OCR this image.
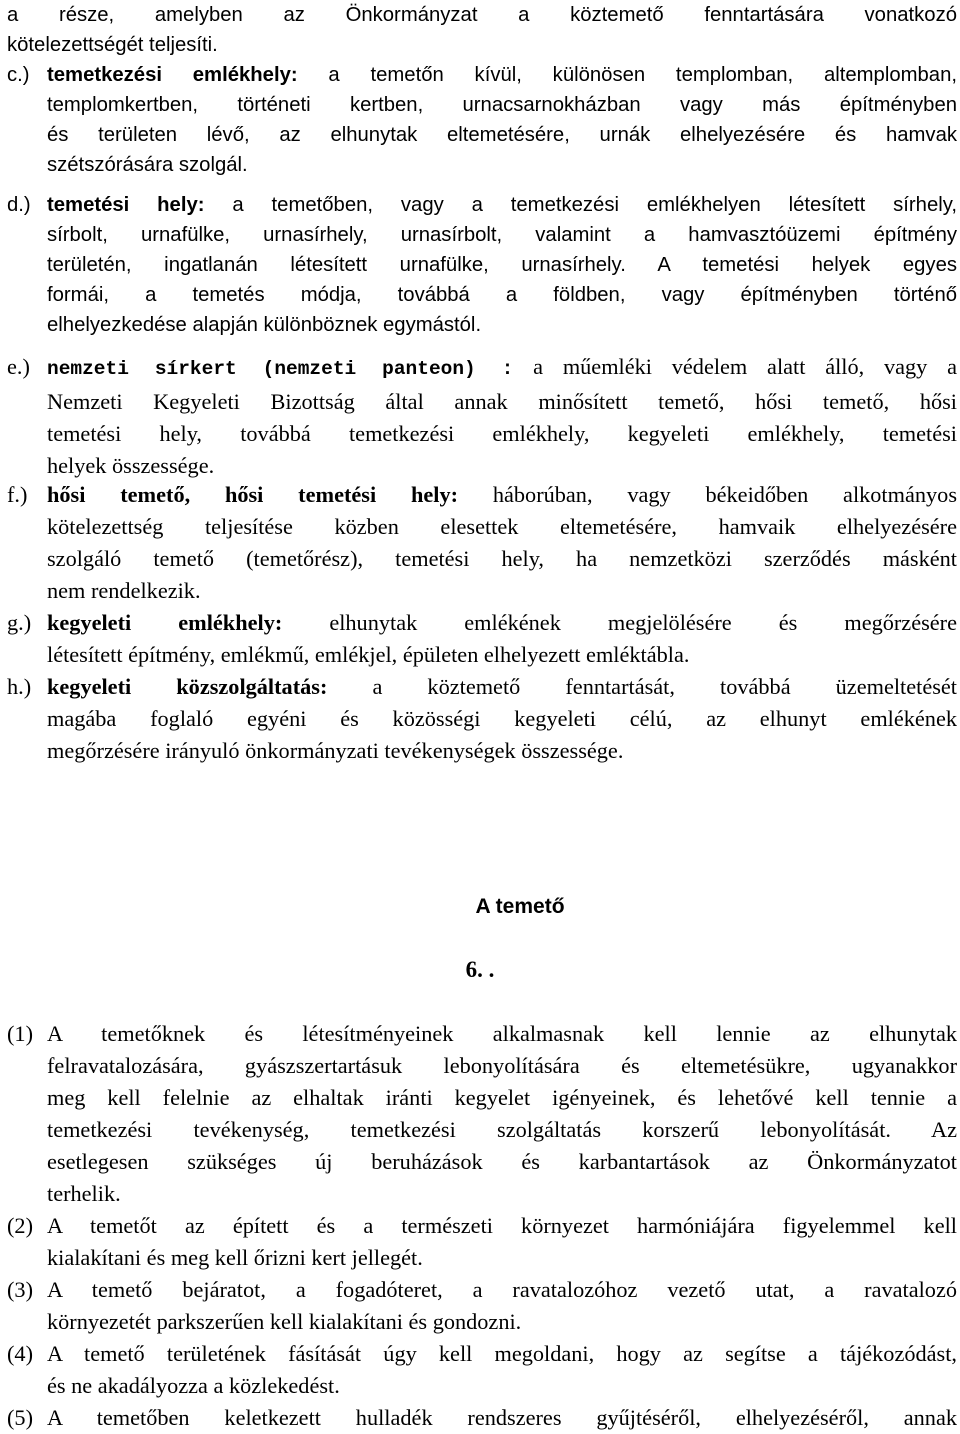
a része, amelyben az Önkormányzat a köztemető fenntartására vonatkozó
kötelezettségét teljesíti.
c.) temetkezési emlékhely: a temetőn kívül, különösen templomban, altemplomban,
templomkertben, történeti kertben, urnacsarnokházban vagy más építményben
és területen lévő, az elhunytak eltemetésére, urnák elhelyezésére és hamvak
szétszórására szolgál.
d.) temetési hely: a temetőben, vagy a temetkezési emlékhelyen létesített sírhely,
sírbolt, urnafülke, urnasírhely, urnasírbolt, valamint a hamvasztóüzemi építmény
területén, ingatlanán létesített urnafülke, urnasírhely. A temetési helyek egyes
formái, a temetés módja, továbbá a földben, vagy építményben történő
elhelyezkedése alapján különböznek egymástól.
e.) nemzeti sírkert (nemzeti panteon) : a műemléki védelem alatt álló, vagy a
Nemzeti Kegyeleti Bizottság által annak minősített temető, hősi temető, hősi
temetési hely, továbbá temetkezési emlékhely, kegyeleti emlékhely, temetési
helyek összessége.
f.) hősi temető, hősi temetési hely: háborúban, vagy békeidőben alkotmányos
kötelezettség teljesítése közben elesettek eltemetésére, hamvaik elhelyezésére
szolgáló temető (temetőrész), temetési hely, ha nemzetközi szerződés másként
nem rendelkezik.
g.) kegyeleti emlékhely: elhunytak emlékének megjelölésére és megőrzésére
létesített építmény, emlékmű, emlékjel, épületen elhelyezett emléktábla.
h.) kegyeleti közszolgáltatás: a köztemető fenntartását, továbbá üzemeltetését
magába foglaló egyéni és közösségi kegyeleti célú, az elhunyt emlékének
megőrzésére irányuló önkormányzati tevékenységek összessége.
A temető
6. .
(1) A temetőknek és létesítményeinek alkalmasnak kell lennie az elhunytak
felravatalozására, gyászszertartásuk lebonyolítására és eltemetésükre, ugyanakkor
meg kell felelnie az elhaltak iránti kegyelet igényeinek, és lehetővé kell tennie a
temetkezési tevékenység, temetkezési szolgáltatás korszerű lebonyolítását. Az
esetlegesen szükséges új beruházások és karbantartások az Önkormányzatot
terhelik.
(2) A temetőt az épített és a természeti környezet harmóniájára figyelemmel kell
kialakítani és meg kell őrizni kert jellegét.
(3) A temető bejáratot, a fogadóteret, a ravatalozóhoz vezető utat, a ravatalozó
környezetét parkszerűen kell kialakítani és gondozni.
(4) A temető területének fásítását úgy kell megoldani, hogy az segítse a tájékozódást,
és ne akadályozza a közlekedést.
(5) A temetőben keletkezett hulladék rendszeres gyűjtéséről, elhelyezéséről, annak
